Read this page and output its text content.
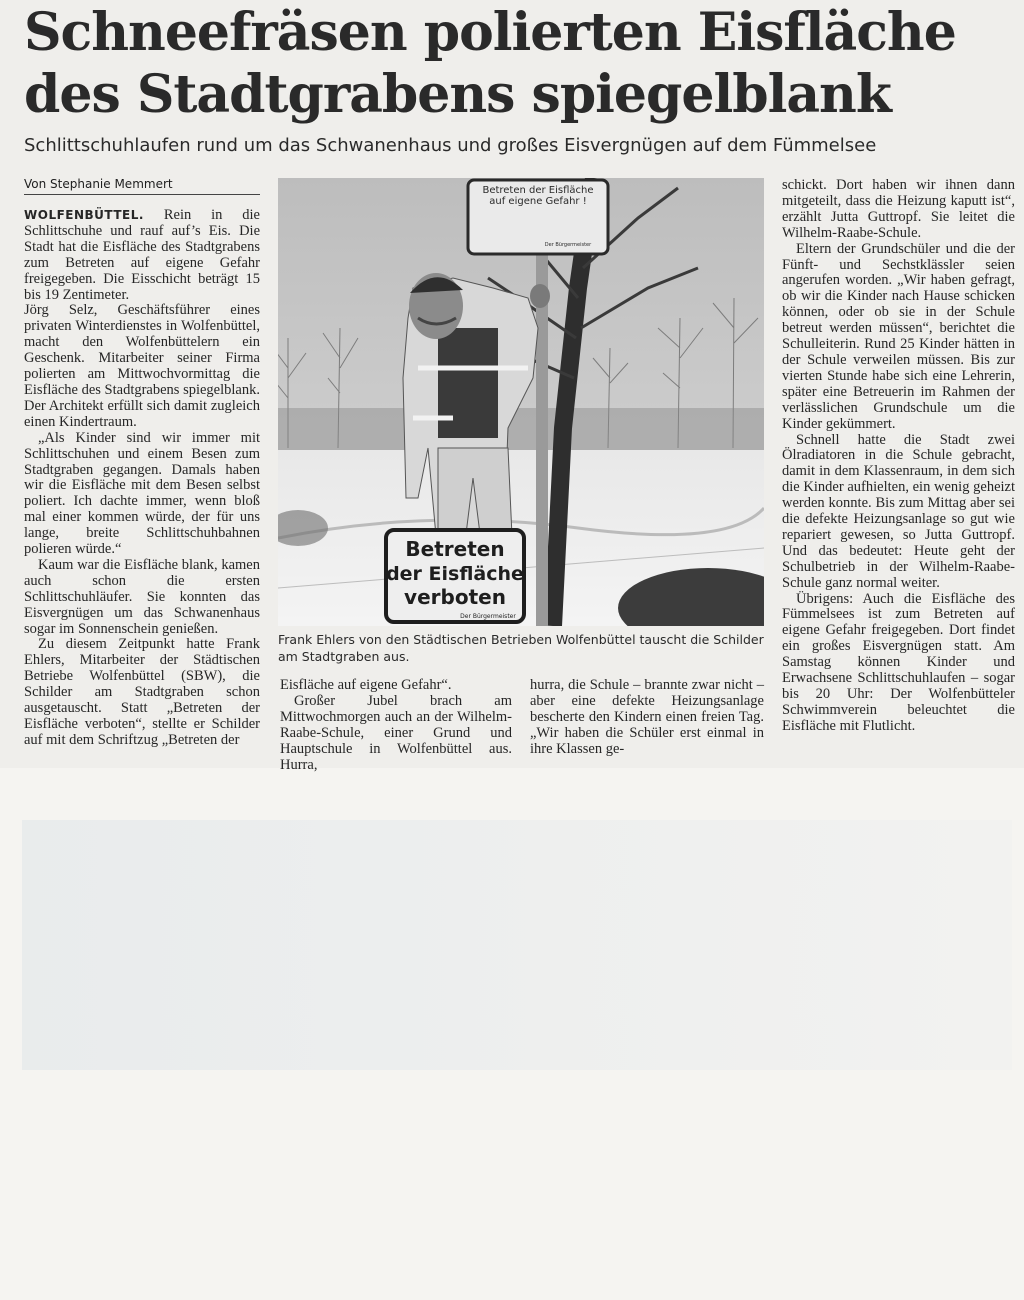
Schneefräsen polierten Eisfläche
des Stadtgrabens spiegelblank
Schlittschuhlaufen rund um das Schwanenhaus und großes Eisvergnügen auf dem Fümmelsee
Von Stephanie Memmert

WOLFENBÜTTEL. Rein in die Schlittschuhe und rauf auf’s Eis. Die Stadt hat die Eisfläche des Stadtgrabens zum Betreten auf eigene Gefahr freigegeben. Die Eisschicht beträgt 15 bis 19 Zentimeter.

Jörg Selz, Geschäftsführer eines privaten Winterdienstes in Wolfenbüttel, macht den Wolfenbüttelern ein Geschenk. Mitarbeiter seiner Firma polierten am Mittwochvormittag die Eisfläche des Stadtgrabens spiegelblank. Der Architekt erfüllt sich damit zugleich einen Kindertraum.

„Als Kinder sind wir immer mit Schlittschuhen und einem Besen zum Stadtgraben gegangen. Damals haben wir die Eisfläche mit dem Besen selbst poliert. Ich dachte immer, wenn bloß mal einer kommen würde, der für uns lange, breite Schlittschuhbahnen polieren würde.“

Kaum war die Eisfläche blank, kamen auch schon die ersten Schlittschuhläufer. Sie konnten das Eisvergnügen um das Schwanenhaus sogar im Sonnenschein genießen.

Zu diesem Zeitpunkt hatte Frank Ehlers, Mitarbeiter der Städtischen Betriebe Wolfenbüttel (SBW), die Schilder am Stadtgraben schon ausgetauscht. Statt „Betreten der Eisfläche verboten“, stellte er Schilder auf mit dem Schriftzug „Betreten der

Betreten der Eisfläche
auf eigene Gefahr !
Der Bürgermeister
Betreten
der Eisfläche
verboten
Der Bürgermeister
Frank Ehlers von den Städtischen Betrieben Wolfenbüttel tauscht die Schilder am Stadtgraben aus.

Eisfläche auf eigene Gefahr“.

Großer Jubel brach am Mittwochmorgen auch an der Wilhelm-Raabe-Schule, einer Grund und Hauptschule in Wolfenbüttel aus. Hurra,

hurra, die Schule – brannte zwar nicht – aber eine defekte Heizungsanlage bescherte den Kindern einen freien Tag. „Wir haben die Schüler erst einmal in ihre Klassen ge-

schickt. Dort haben wir ihnen dann mitgeteilt, dass die Heizung kaputt ist“, erzählt Jutta Guttropf. Sie leitet die Wilhelm-Raabe-Schule.

Eltern der Grundschüler und die der Fünft- und Sechstklässler seien angerufen worden. „Wir haben gefragt, ob wir die Kinder nach Hause schicken können, oder ob sie in der Schule betreut werden müssen“, berichtet die Schulleiterin. Rund 25 Kinder hätten in der Schule verweilen müssen. Bis zur vierten Stunde habe sich eine Lehrerin, später eine Betreuerin im Rahmen der verlässlichen Grundschule um die Kinder gekümmert.

Schnell hatte die Stadt zwei Ölradiatoren in die Schule gebracht, damit in dem Klassenraum, in dem sich die Kinder aufhielten, ein wenig geheizt werden konnte. Bis zum Mittag aber sei die defekte Heizungsanlage so gut wie repariert gewesen, so Jutta Guttropf. Und das bedeutet: Heute geht der Schulbetrieb in der Wilhelm-Raabe-Schule ganz normal weiter.

Übrigens: Auch die Eisfläche des Fümmelsees ist zum Betreten auf eigene Gefahr freigegeben. Dort findet ein großes Eisvergnügen statt. Am Samstag können Kinder und Erwachsene Schlittschuhlaufen – sogar bis 20 Uhr: Der Wolfenbütteler Schwimmverein beleuchtet die Eisfläche mit Flutlicht.
